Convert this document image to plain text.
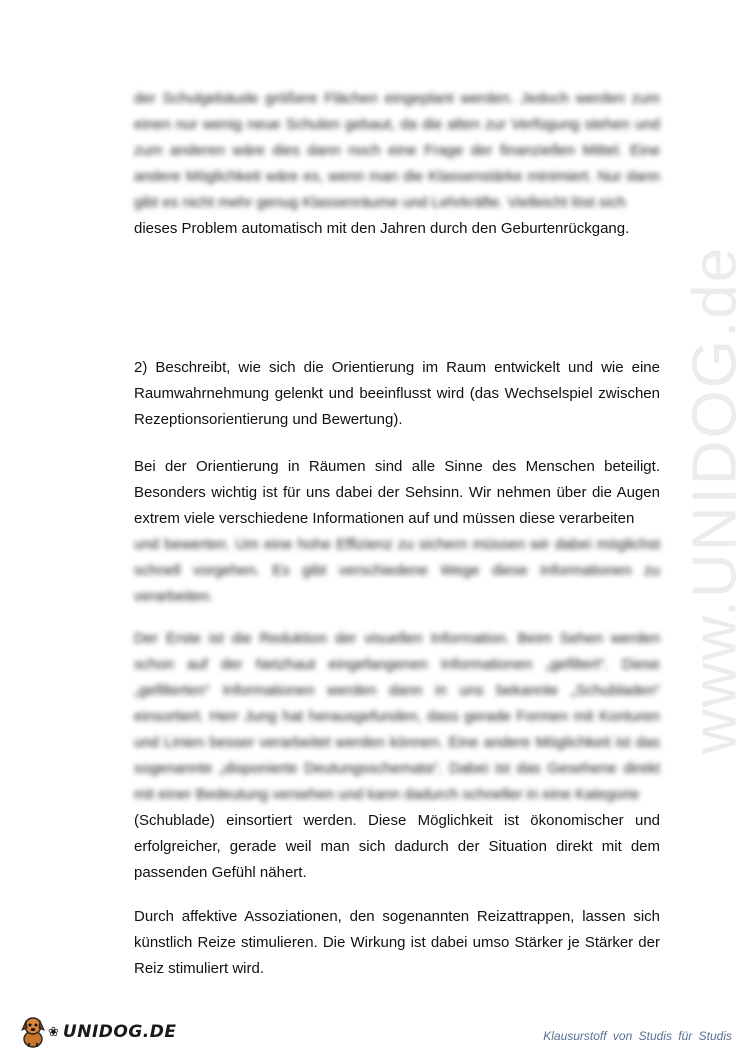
www.UNIDOG.de

der Schulgebäude größere Flächen eingeplant werden. Jedoch werden zum einen nur wenig neue Schulen gebaut, da die alten zur Verfügung stehen und zum anderen wäre dies dann noch eine Frage der finanziellen Mittel. Eine andere Möglichkeit wäre es, wenn man die Klassenstärke minimiert. Nur dann gibt es nicht mehr genug Klassenräume und Lehrkräfte. Vielleicht löst sich

dieses Problem automatisch mit den Jahren durch den Geburtenrückgang.

2) Beschreibt, wie sich die Orientierung im Raum entwickelt und wie eine Raumwahrnehmung gelenkt und beeinflusst wird (das Wechselspiel zwischen Rezeptionsorientierung und Bewertung).

Bei der Orientierung in Räumen sind alle Sinne des Menschen beteiligt. Besonders wichtig ist für uns dabei der Sehsinn. Wir nehmen über die Augen extrem viele verschiedene Informationen auf und müssen diese verarbeiten

und bewerten. Um eine hohe Effizienz zu sichern müssen wir dabei möglichst schnell vorgehen. Es gibt verschiedene Wege diese Informationen zu verarbeiten.

Der Erste ist die Reduktion der visuellen Information. Beim Sehen werden schon auf der Netzhaut eingefangenen Informationen „gefiltert“. Diese „gefilterten“ Informationen werden dann in uns bekannte „Schubladen“ einsortiert. Herr Jung hat herausgefunden, dass gerade Formen mit Konturen und Linien besser verarbeitet werden können. Eine andere Möglichkeit ist das sogenannte „disponierte Deutungsschemata“. Dabei ist das Gesehene direkt mit einer Bedeutung versehen und kann dadurch schneller in eine Kategorie

(Schublade) einsortiert werden. Diese Möglichkeit ist ökonomischer und erfolgreicher, gerade weil man sich dadurch der Situation direkt mit dem passenden Gefühl nähert.

Durch affektive Assoziationen, den sogenannten Reizattrappen, lassen sich künstlich Reize stimulieren. Die Wirkung ist dabei umso Stärker je Stärker der Reiz stimuliert wird.

❀ UNIDOG.DE	Klausurstoff von Studis für Studis
